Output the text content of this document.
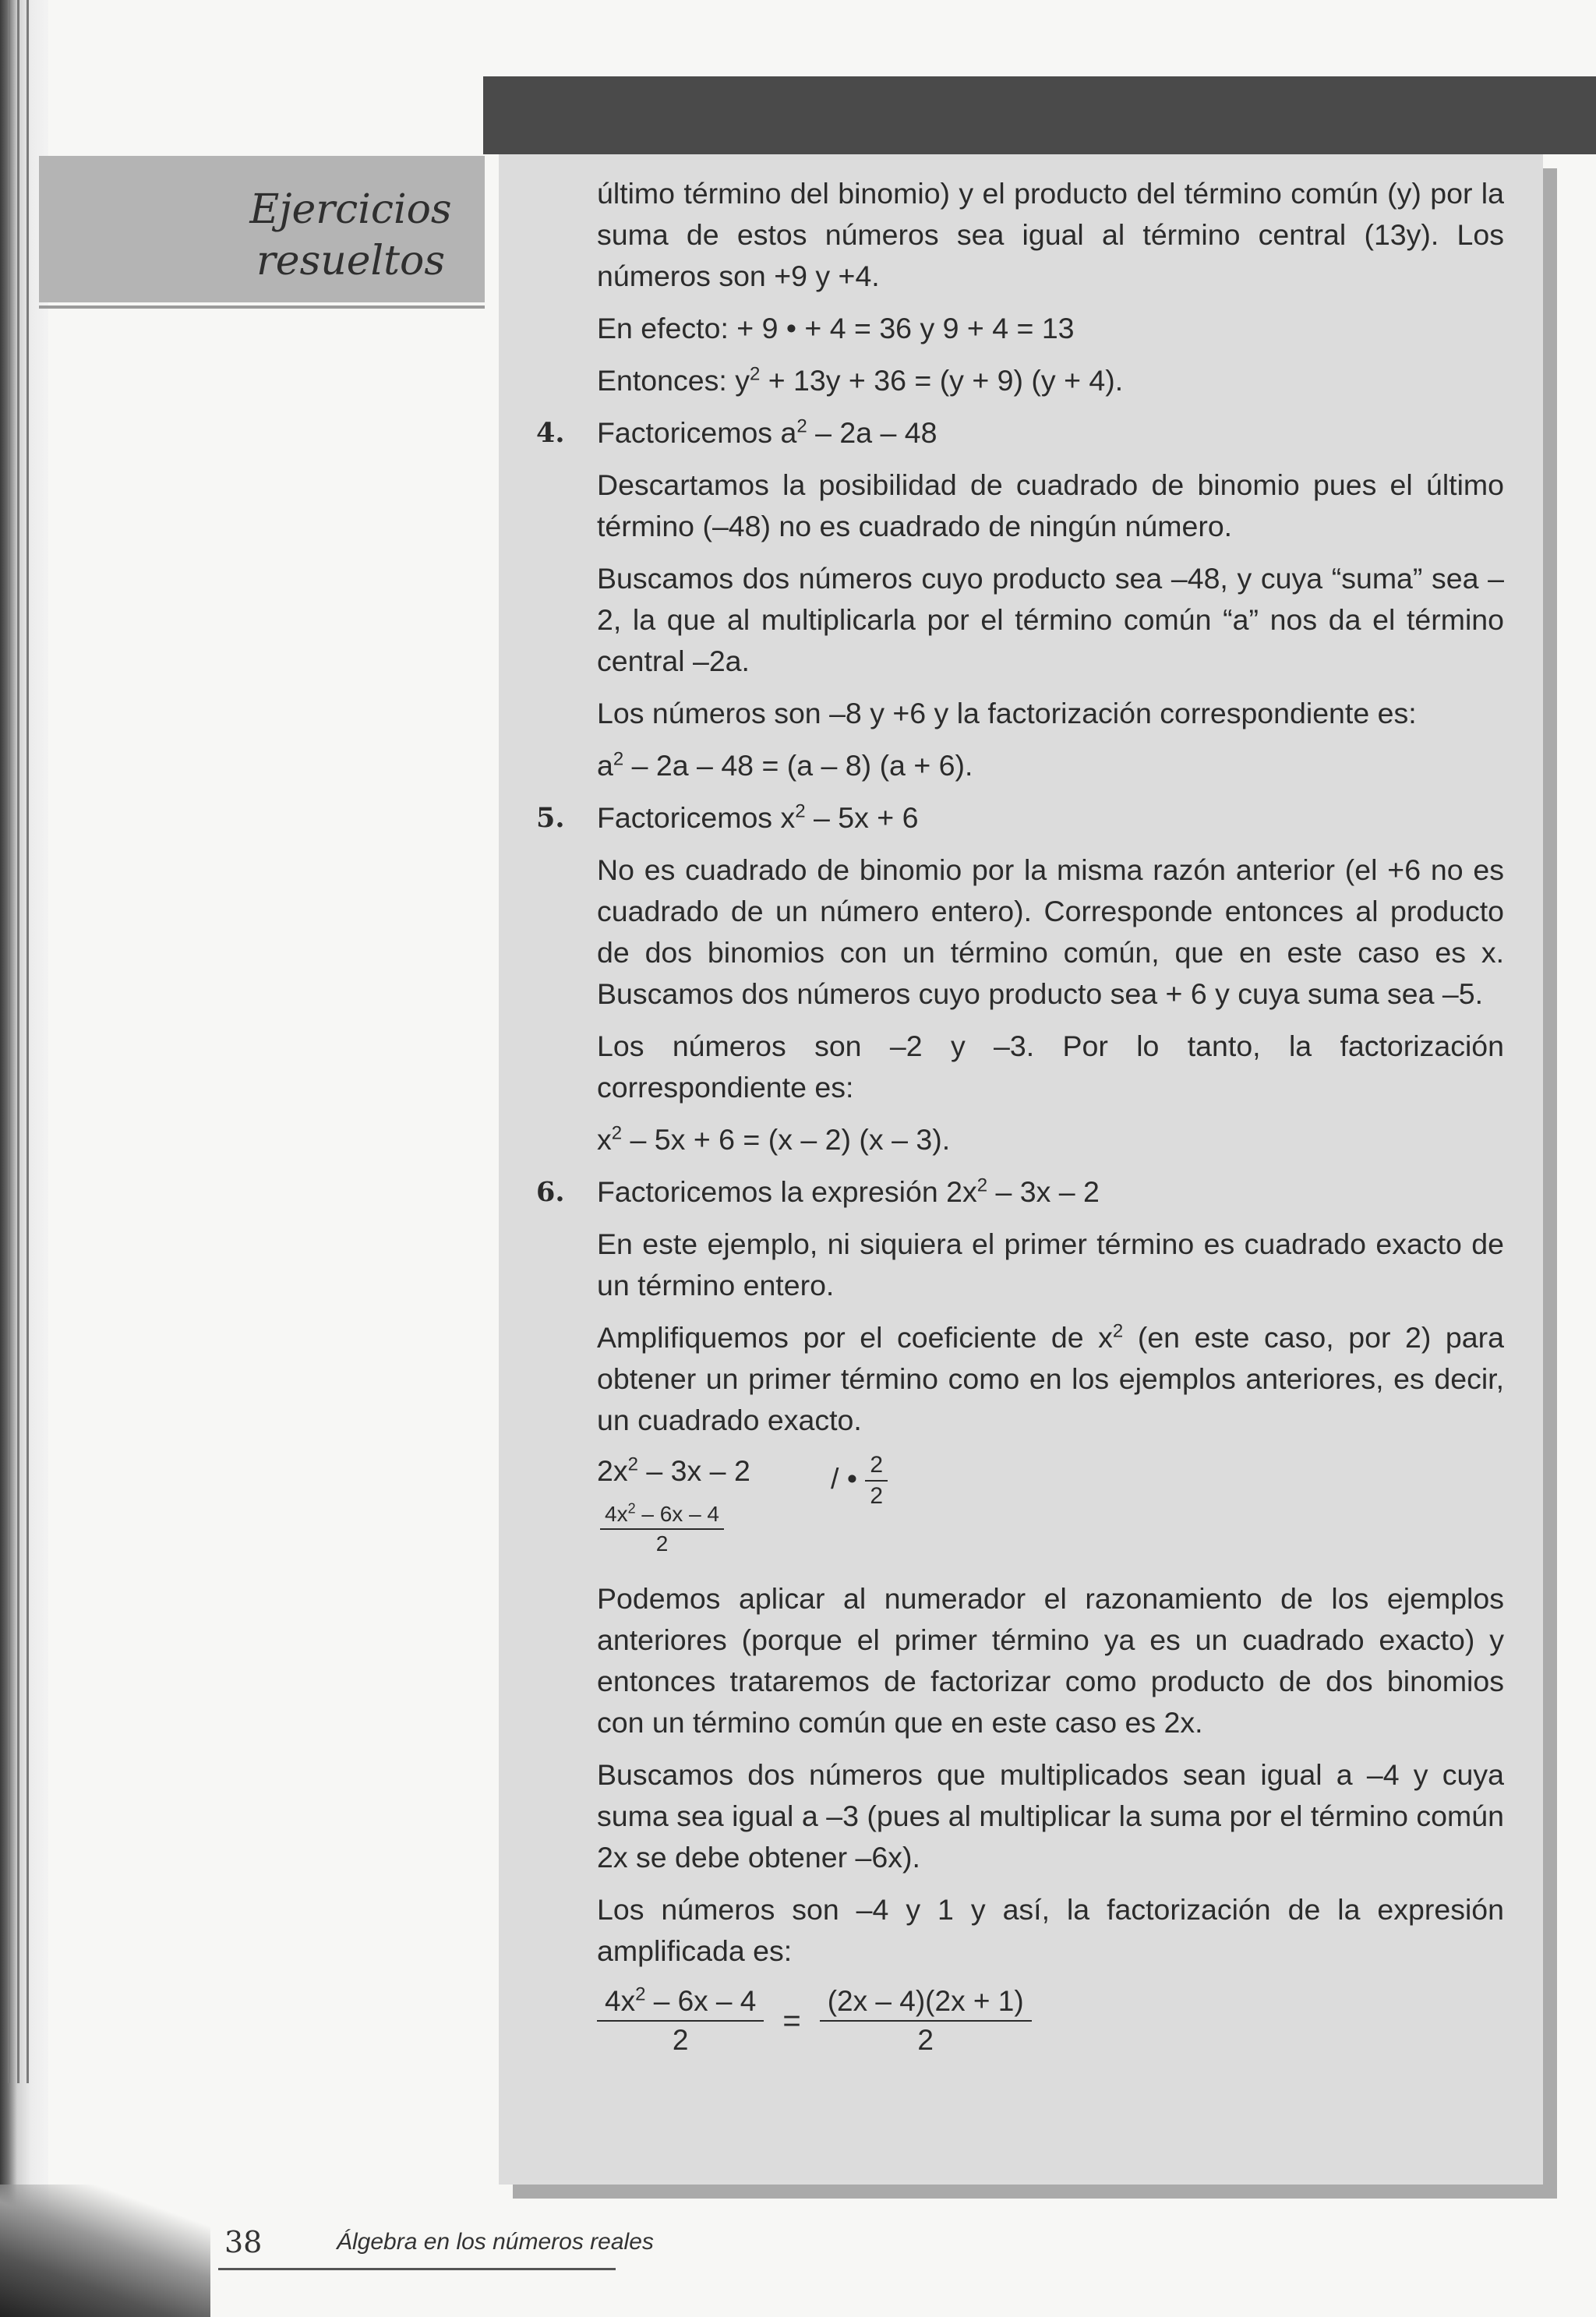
Ejercicios
resueltos

último término del binomio) y el producto del término común (y) por la suma de estos números sea igual al término central (13y). Los números son +9 y +4.

En efecto: + 9 • + 4 = 36 y 9 + 4 = 13

Entonces: $y^2 + 13y + 36 = (y + 9) (y + 4)$.

4. Factoricemos $a^2 - 2a - 48$

Descartamos la posibilidad de cuadrado de binomio pues el último término (–48) no es cuadrado de ningún número.

Buscamos dos números cuyo producto sea –48, y cuya “suma” sea –2, la que al multiplicarla por el término común “a” nos da el término central –2a.

Los números son –8 y +6 y la factorización correspondiente es:

$a^2 - 2a - 48 = (a - 8) (a + 6)$.

5. Factoricemos $x^2 - 5x + 6$

No es cuadrado de binomio por la misma razón anterior (el +6 no es cuadrado de un número entero). Corresponde entonces al producto de dos binomios con un término común, que en este caso es x. Buscamos dos números cuyo producto sea + 6 y cuya suma sea –5.

Los números son –2 y –3. Por lo tanto, la factorización correspondiente es:

$x^2 - 5x + 6 = (x - 2)$ (x – 3).

6. Factoricemos la expresión $2x^2 - 3x - 2$

En este ejemplo, ni siquiera el primer término es cuadrado exacto de un término entero.

Amplifiquemos por el coeficiente de $x^2$ (en este caso, por 2) para obtener un primer término como en los ejemplos anteriores, es decir, un cuadrado exacto.

$2x^2 - 3x - 2$	/ • $\frac{2}{2}$
$\frac{4x^2 - 6x - 4}{2}$

Podemos aplicar al numerador el razonamiento de los ejemplos anteriores (porque el primer término ya es un cuadrado exacto) y entonces trataremos de factorizar como producto de dos binomios con un término común que en este caso es 2x.

Buscamos dos números que multiplicados sean igual a –4 y cuya suma sea igual a –3 (pues al multiplicar la suma por el término común 2x se debe obtener –6x).

Los números son –4 y 1 y así, la factorización de la expresión amplificada es:

$\frac{4x^2 - 6x - 4}{2} = \frac{(2x - 4)(2x + 1)}{2}$
38	Álgebra en los números reales
